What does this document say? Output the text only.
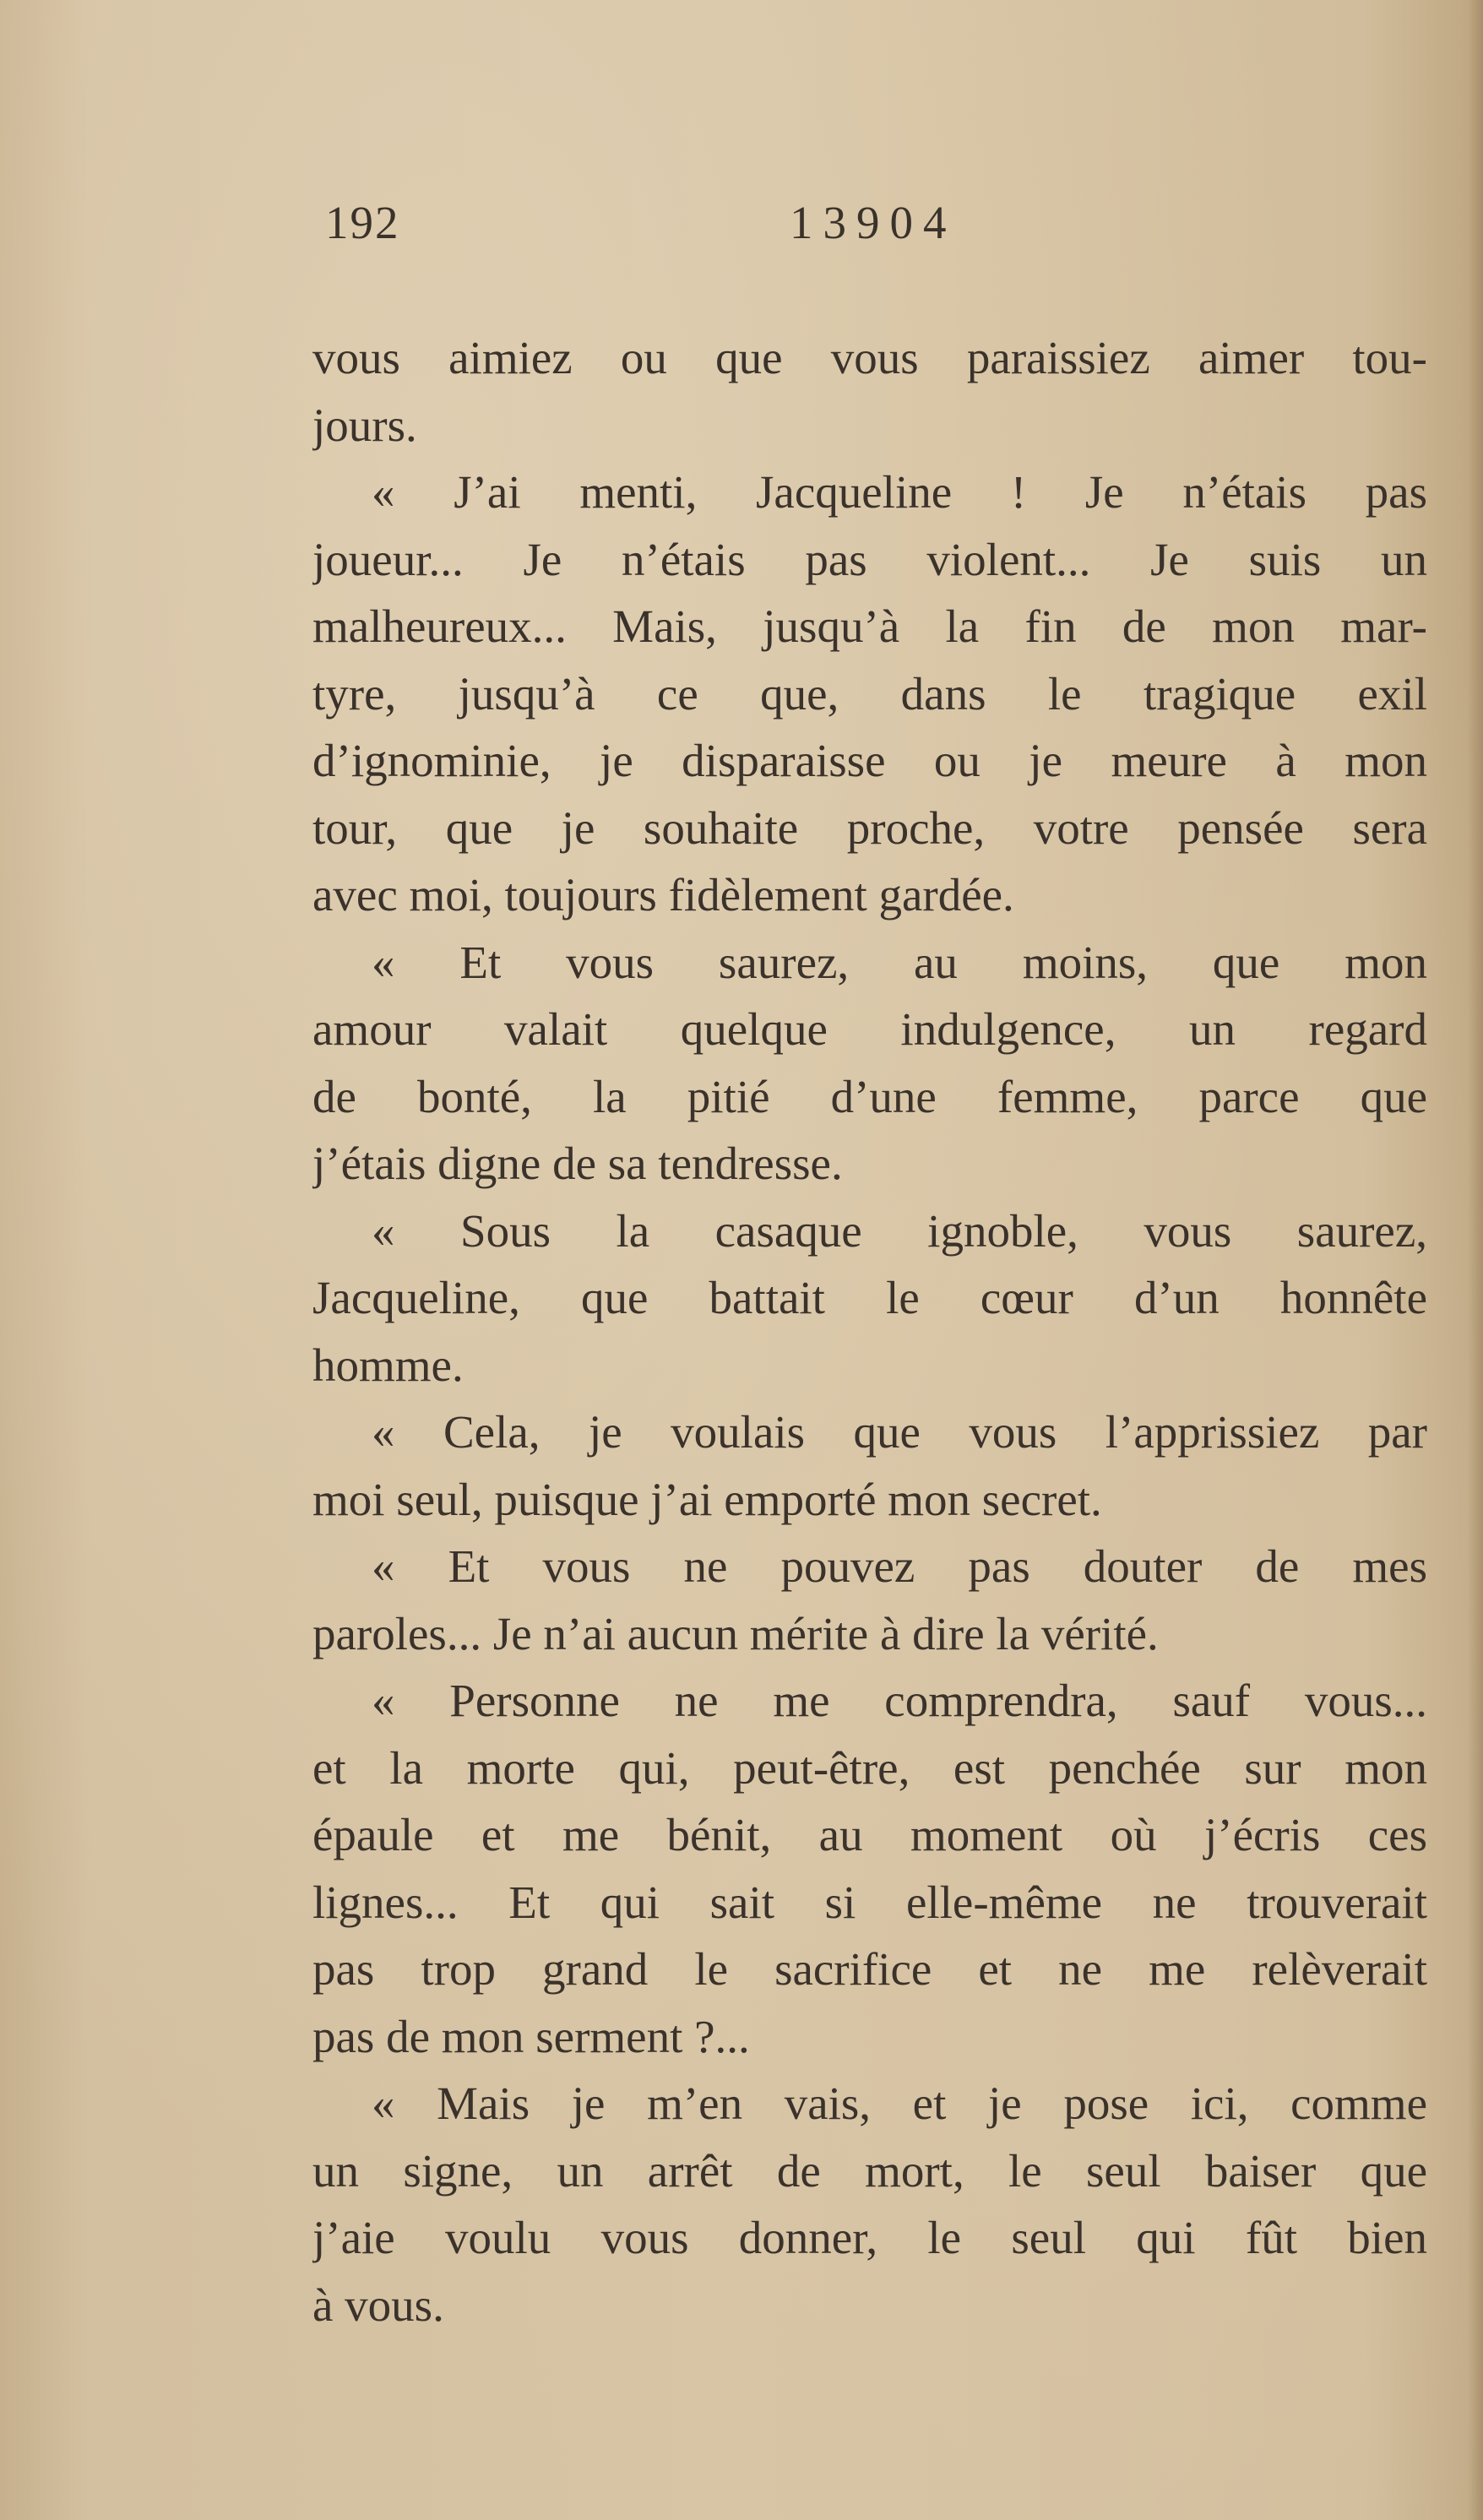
192	13904
vous aimiez ou que vous paraissiez aimer tou-
jours.
« J’ai menti, Jacqueline ! Je n’étais pas
joueur... Je n’étais pas violent... Je suis un
malheureux... Mais, jusqu’à la fin de mon mar-
tyre, jusqu’à ce que, dans le tragique exil
d’ignominie, je disparaisse ou je meure à mon
tour, que je souhaite proche, votre pensée sera
avec moi, toujours fidèlement gardée.
« Et vous saurez, au moins, que mon
amour valait quelque indulgence, un regard
de bonté, la pitié d’une femme, parce que
j’étais digne de sa tendresse.
« Sous la casaque ignoble, vous saurez,
Jacqueline, que battait le cœur d’un honnête
homme.
« Cela, je voulais que vous l’apprissiez par
moi seul, puisque j’ai emporté mon secret.
« Et vous ne pouvez pas douter de mes
paroles... Je n’ai aucun mérite à dire la vérité.
« Personne ne me comprendra, sauf vous...
et la morte qui, peut-être, est penchée sur mon
épaule et me bénit, au moment où j’écris ces
lignes... Et qui sait si elle-même ne trouverait
pas trop grand le sacrifice et ne me relèverait
pas de mon serment ?...
« Mais je m’en vais, et je pose ici, comme
un signe, un arrêt de mort, le seul baiser que
j’aie voulu vous donner, le seul qui fût bien
à vous.
